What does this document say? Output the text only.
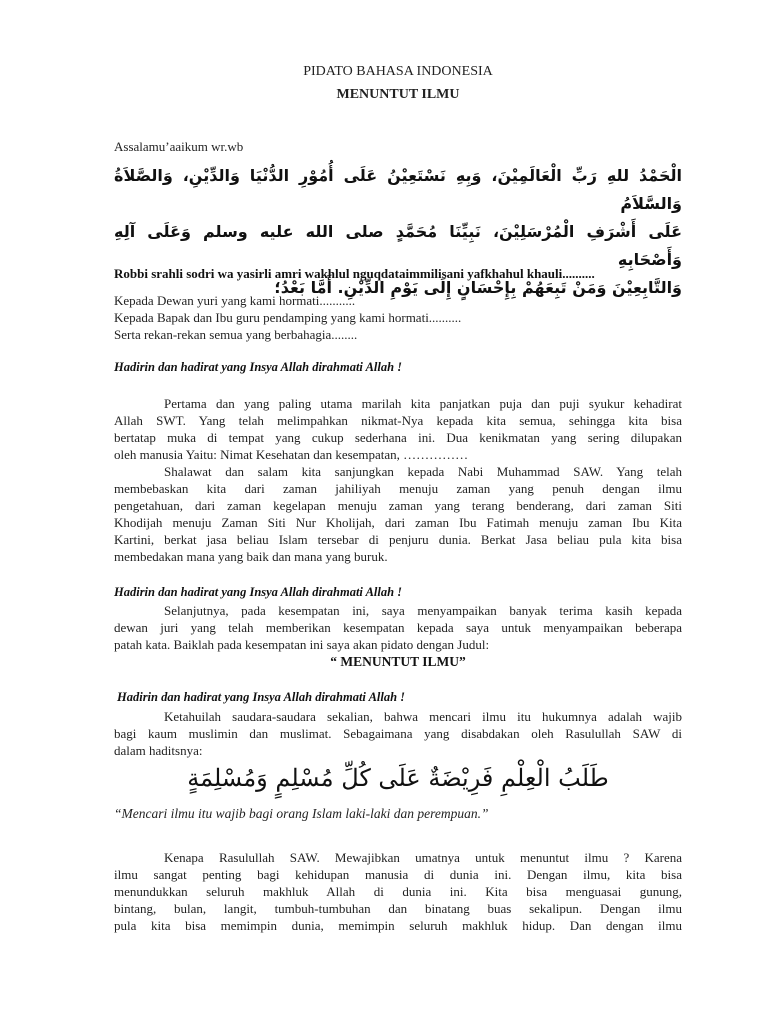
PIDATO BAHASA INDONESIA
MENUNTUT ILMU
Assalamu’aaikum wr.wb
الْحَمْدُ للهِ رَبِّ الْعَالَمِيْنَ، وَبِهِ نَسْتَعِيْنُ عَلَى أُمُوْرِ الدُّنْيَا وَالدِّيْنِ، وَالصَّلاَةُ وَالسَّلاَمُ
عَلَى أَشْرَفِ الْمُرْسَلِيْنَ، نَبِيِّنَا مُحَمَّدٍ صلى الله عليه وسلم وَعَلَى آلِهِ وَأَصْحَابِهِ
وَالتَّابِعِيْنَ وَمَنْ تَبِعَهُمْ بِإِحْسَانٍ إِلَى يَوْمِ الدِّيْنِ. أَمَّا بَعْدُ؛
Robbi srahli sodri wa yasirli amri wakhlul nguqdataimmilisani yafkhahul khauli..........
Kepada Dewan yuri yang kami hormati...........
Kepada Bapak dan Ibu guru pendamping yang kami hormati..........
Serta rekan-rekan semua yang berbahagia........
Hadirin dan hadirat yang Insya Allah dirahmati Allah !
Pertama dan yang paling utama marilah kita panjatkan puja dan puji syukur kehadirat
Allah SWT. Yang telah melimpahkan nikmat-Nya kepada kita semua, sehingga kita bisa
bertatap muka di tempat yang cukup sederhana ini. Dua kenikmatan yang sering dilupakan
oleh manusia Yaitu: Nimat Kesehatan dan kesempatan, ……………
Shalawat dan salam kita sanjungkan kepada Nabi Muhammad SAW. Yang telah
membebaskan kita dari zaman jahiliyah menuju zaman yang penuh dengan ilmu
pengetahuan, dari zaman kegelapan menuju zaman yang terang benderang, dari zaman Siti
Khodijah menuju Zaman Siti Nur Kholijah, dari zaman Ibu Fatimah menuju zaman Ibu Kita
Kartini, berkat jasa beliau Islam tersebar di penjuru dunia. Berkat Jasa beliau pula kita bisa
membedakan mana yang baik dan mana yang buruk.
Hadirin dan hadirat yang Insya Allah dirahmati Allah !
Selanjutnya, pada kesempatan ini, saya menyampaikan banyak terima kasih kepada
dewan juri yang telah memberikan kesempatan kepada saya untuk menyampaikan beberapa
patah kata. Baiklah pada kesempatan ini saya akan pidato dengan Judul:
“ MENUNTUT ILMU”
Hadirin dan hadirat yang Insya Allah dirahmati Allah !
Ketahuilah saudara-saudara sekalian, bahwa mencari ilmu itu hukumnya adalah wajib
bagi kaum muslimin dan muslimat. Sebagaimana yang disabdakan oleh Rasulullah SAW di
dalam haditsnya:
طَلَبُ الْعِلْمِ فَرِيْضَةٌ عَلَى كُلِّ مُسْلِمٍ وَمُسْلِمَةٍ
“Mencari ilmu itu wajib bagi orang Islam laki-laki dan perempuan.”
Kenapa Rasulullah SAW. Mewajibkan umatnya untuk menuntut ilmu ? Karena
ilmu sangat penting bagi kehidupan manusia di dunia ini. Dengan ilmu, kita bisa
menundukkan seluruh makhluk Allah di dunia ini. Kita bisa menguasai gunung,
bintang, bulan, langit, tumbuh-tumbuhan dan binatang buas sekalipun. Dengan ilmu
pula kita bisa memimpin dunia, memimpin seluruh makhluk hidup. Dan dengan ilmu
